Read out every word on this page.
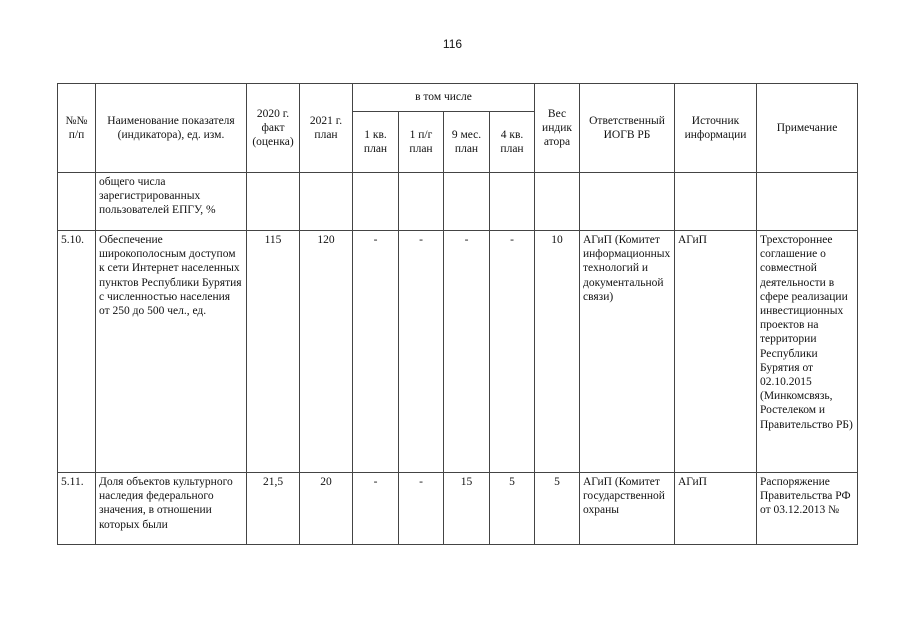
116
№№ п/п	Наименование показателя (индикатора), ед. изм.	2020 г. факт (оценка)	2021 г. план	в том числе				Вес индик атора	Ответственный ИОГВ РБ	Источник информации	Примечание
				1 кв. план	1 п/г план	9 мес. план	4 кв. план				
	общего числа зарегистрированных пользователей ЕПГУ, %										
5.10.	Обеспечение широкополосным доступом к сети Интернет населенных пунктов Республики Бурятия с численностью населения от 250 до 500 чел., ед.	115	120	-	-	-	-	10	АГиП (Комитет информационных технологий и документальной связи)	АГиП	Трехстороннее соглашение о совместной деятельности в сфере реализации инвестиционных проектов на территории Республики Бурятия от 02.10.2015 (Минкомсвязь, Ростелеком и Правительство РБ)
5.11.	Доля объектов культурного наследия федерального значения, в отношении которых были	21,5	20	-	-	15	5	5	АГиП (Комитет государственной охраны	АГиП	Распоряжение Правительства РФ от 03.12.2013 №
